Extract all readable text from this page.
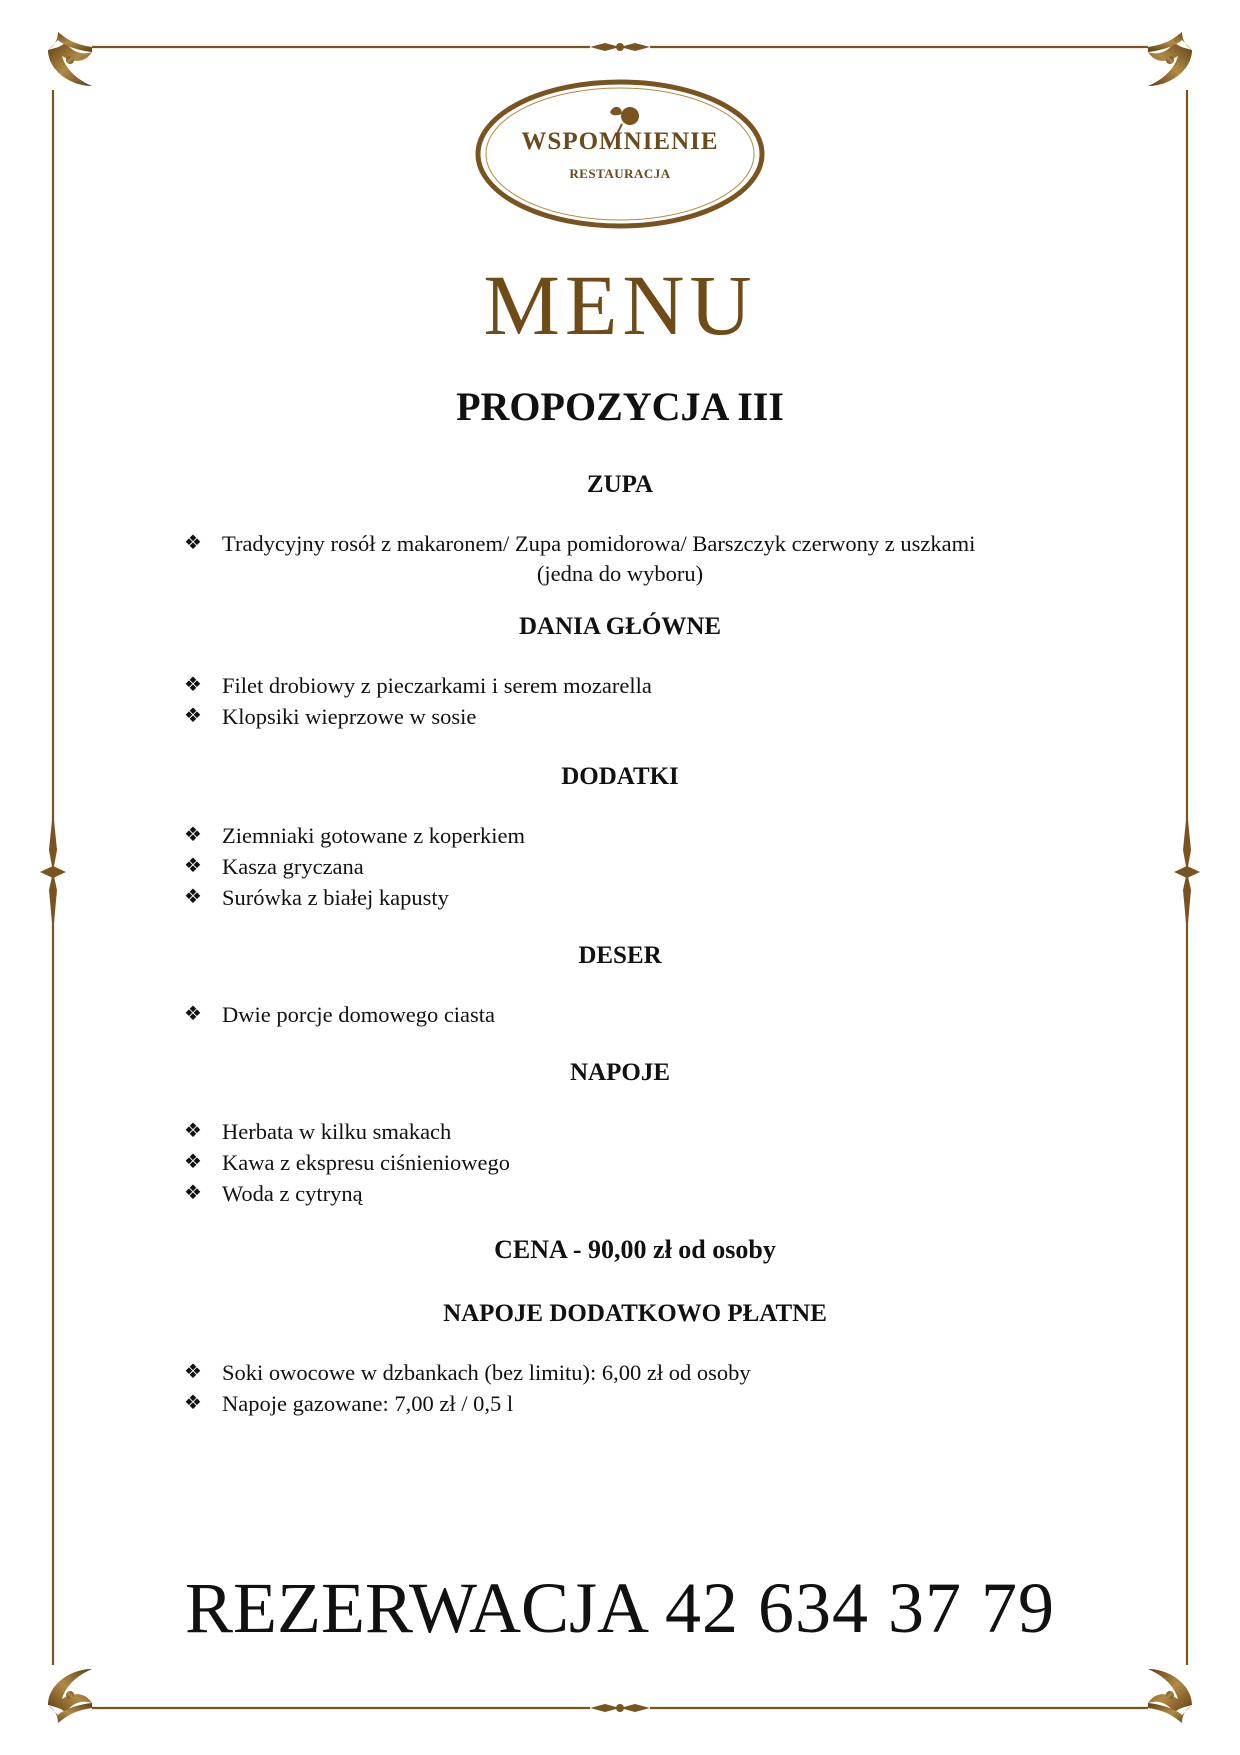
WSPOMNIENIE
RESTAURACJA
MENU
PROPOZYCJA III
ZUPA
❖ Tradycyjny rosół z makaronem/ Zupa pomidorowa/ Barszczyk czerwony z uszkami
(jedna do wyboru)
DANIA GŁÓWNE
❖ Filet drobiowy z pieczarkami i serem mozarella
❖ Klopsiki wieprzowe w sosie
DODATKI
❖ Ziemniaki gotowane z koperkiem
❖ Kasza gryczana
❖ Surówka z białej kapusty
DESER
❖ Dwie porcje domowego ciasta
NAPOJE
❖ Herbata w kilku smakach
❖ Kawa z ekspresu ciśnieniowego
❖ Woda z cytryną
CENA - 90,00 zł od osoby
NAPOJE DODATKOWO PŁATNE
❖ Soki owocowe w dzbankach (bez limitu): 6,00 zł od osoby
❖ Napoje gazowane: 7,00 zł / 0,5 l
REZERWACJA 42 634 37 79
